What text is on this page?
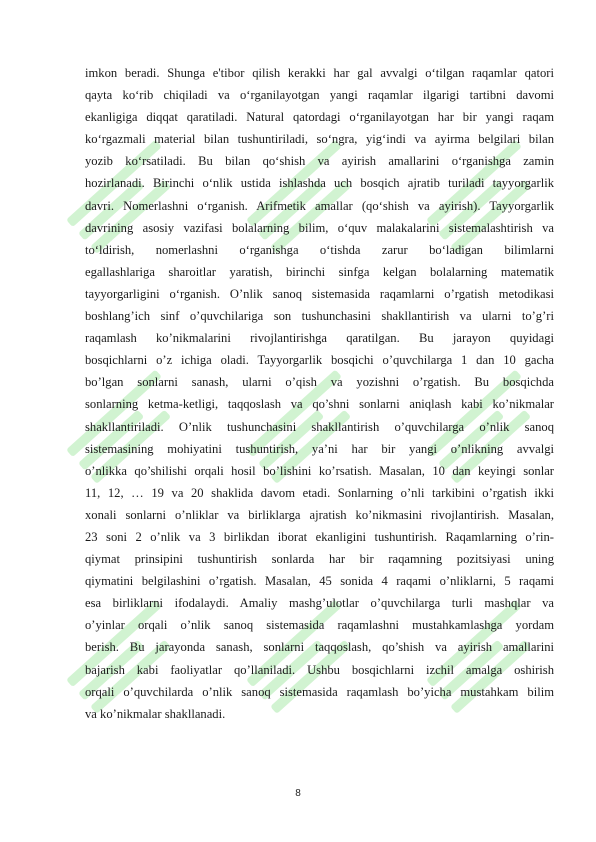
imkon beradi. Shunga e'tibor qilish kerakki har gal avvalgi o‘tilgan raqamlar qatori
qayta ko‘rib chiqiladi va o‘rganilayotgan yangi raqamlar ilgarigi tartibni davomi
ekanligiga diqqat qaratiladi. Natural qatordagi o‘rganilayotgan har bir yangi raqam
ko‘rgazmali material bilan tushuntiriladi, so‘ngra, yig‘indi va ayirma belgilari bilan
yozib ko‘rsatiladi. Bu bilan qo‘shish va ayirish amallarini o‘rganishga zamin
hozirlanadi. Birinchi o‘nlik ustida ishlashda uch bosqich ajratib turiladi tayyorgarlik
davri. Nomerlashni o‘rganish. Arifmetik amallar (qo‘shish va ayirish). Tayyorgarlik
davrining asosiy vazifasi bolalarning bilim, o‘quv malakalarini sistemalashtirish va
to‘ldirish, nomerlashni o‘rganishga o‘tishda zarur bo‘ladigan bilimlarni
egallashlariga sharoitlar yaratish, birinchi sinfga kelgan bolalarning matematik
tayyorgarligini o‘rganish. O’nlik sanoq sistemasida raqamlarni o’rgatish metodikasi
boshlang’ich sinf o’quvchilariga son tushunchasini shakllantirish va ularni to’g’ri
raqamlash ko’nikmalarini rivojlantirishga qaratilgan. Bu jarayon quyidagi
bosqichlarni o’z ichiga oladi. Tayyorgarlik bosqichi o’quvchilarga 1 dan 10 gacha
bo’lgan sonlarni sanash, ularni o’qish va yozishni o’rgatish. Bu bosqichda
sonlarning ketma-ketligi, taqqoslash va qo’shni sonlarni aniqlash kabi ko’nikmalar
shakllantiriladi. O’nlik tushunchasini shakllantirish o’quvchilarga o’nlik sanoq
sistemasining mohiyatini tushuntirish, ya’ni har bir yangi o’nlikning avvalgi
o’nlikka qo’shilishi orqali hosil bo’lishini ko’rsatish. Masalan, 10 dan keyingi sonlar
11, 12, … 19 va 20 shaklida davom etadi. Sonlarning o’nli tarkibini o’rgatish ikki
xonali sonlarni o’nliklar va birliklarga ajratish ko’nikmasini rivojlantirish. Masalan,
23 soni 2 o’nlik va 3 birlikdan iborat ekanligini tushuntirish. Raqamlarning o’rin-
qiymat prinsipini tushuntirish sonlarda har bir raqamning pozitsiyasi uning
qiymatini belgilashini o’rgatish. Masalan, 45 sonida 4 raqami o’nliklarni, 5 raqami
esa birliklarni ifodalaydi. Amaliy mashg’ulotlar o’quvchilarga turli mashqlar va
o’yinlar orqali o’nlik sanoq sistemasida raqamlashni mustahkamlashga yordam
berish. Bu jarayonda sanash, sonlarni taqqoslash, qo’shish va ayirish amallarini
bajarish kabi faoliyatlar qo’llaniladi. Ushbu bosqichlarni izchil amalga oshirish
orqali o’quvchilarda o’nlik sanoq sistemasida raqamlash bo’yicha mustahkam bilim
va ko’nikmalar shakllanadi.
8
